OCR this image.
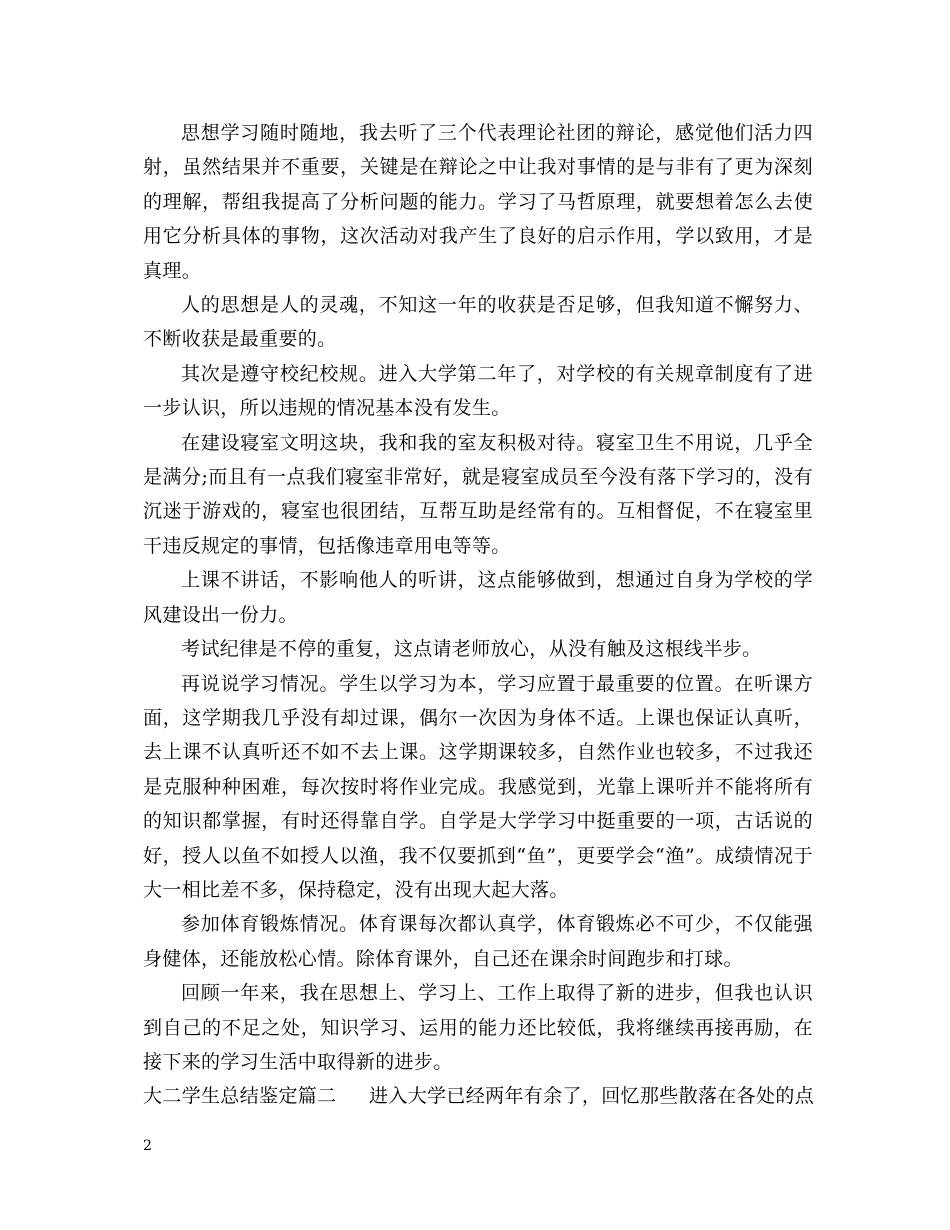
思想学习随时随地，我去听了三个代表理论社团的辩论，感觉他们活力四射，虽然结果并不重要，关键是在辩论之中让我对事情的是与非有了更为深刻的理解，帮组我提高了分析问题的能力。学习了马哲原理，就要想着怎么去使用它分析具体的事物，这次活动对我产生了良好的启示作用，学以致用，才是真理。

人的思想是人的灵魂，不知这一年的收获是否足够，但我知道不懈努力、不断收获是最重要的。

其次是遵守校纪校规。进入大学第二年了，对学校的有关规章制度有了进一步认识，所以违规的情况基本没有发生。

在建设寝室文明这块，我和我的室友积极对待。寝室卫生不用说，几乎全是满分;而且有一点我们寝室非常好，就是寝室成员至今没有落下学习的，没有沉迷于游戏的，寝室也很团结，互帮互助是经常有的。互相督促，不在寝室里干违反规定的事情，包括像违章用电等等。

上课不讲话，不影响他人的听讲，这点能够做到，想通过自身为学校的学风建设出一份力。

考试纪律是不停的重复，这点请老师放心，从没有触及这根线半步。

再说说学习情况。学生以学习为本，学习应置于最重要的位置。在听课方面，这学期我几乎没有却过课，偶尔一次因为身体不适。上课也保证认真听，去上课不认真听还不如不去上课。这学期课较多，自然作业也较多，不过我还是克服种种困难，每次按时将作业完成。我感觉到，光靠上课听并不能将所有的知识都掌握，有时还得靠自学。自学是大学学习中挺重要的一项，古话说的好，授人以鱼不如授人以渔，我不仅要抓到“鱼”，更要学会“渔”。成绩情况于大一相比差不多，保持稳定，没有出现大起大落。

参加体育锻炼情况。体育课每次都认真学，体育锻炼必不可少，不仅能强身健体，还能放松心情。除体育课外，自己还在课余时间跑步和打球。

回顾一年来，我在思想上、学习上、工作上取得了新的进步，但我也认识到自己的不足之处，知识学习、运用的能力还比较低，我将继续再接再励，在接下来的学习生活中取得新的进步。

大二学生总结鉴定篇二 进入大学已经两年有余了，回忆那些散落在各处的点

2
